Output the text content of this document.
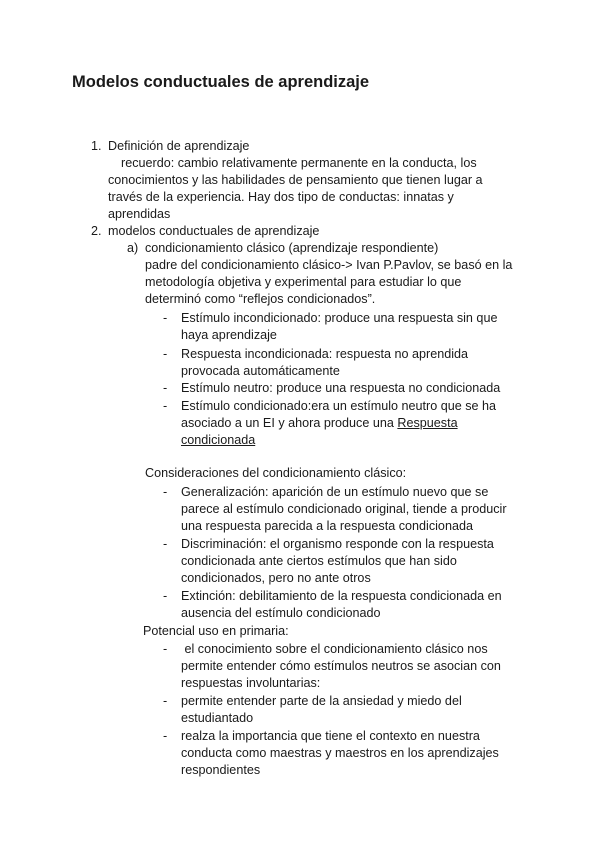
Modelos conductuales de aprendizaje
1. Definición de aprendizaje
recuerdo: cambio relativamente permanente en la conducta, los
conocimientos y las habilidades de pensamiento que tienen lugar a
través de la experiencia. Hay dos tipo de conductas: innatas y
aprendidas
2. modelos conductuales de aprendizaje
a) condicionamiento clásico (aprendizaje respondiente)
padre del condicionamiento clásico-> Ivan P.Pavlov, se basó en la
metodología objetiva y experimental para estudiar lo que
determinó como “reflejos condicionados”.
- Estímulo incondicionado: produce una respuesta sin que
haya aprendizaje
- Respuesta incondicionada: respuesta no aprendida
provocada automáticamente
- Estímulo neutro: produce una respuesta no condicionada
- Estímulo condicionado:era un estímulo neutro que se ha
asociado a un EI y ahora produce una Respuesta
condicionada
Consideraciones del condicionamiento clásico:
- Generalización: aparición de un estímulo nuevo que se
parece al estímulo condicionado original, tiende a producir
una respuesta parecida a la respuesta condicionada
- Discriminación: el organismo responde con la respuesta
condicionada ante ciertos estímulos que han sido
condicionados, pero no ante otros
- Extinción: debilitamiento de la respuesta condicionada en
ausencia del estímulo condicionado
Potencial uso en primaria:
- el conocimiento sobre el condicionamiento clásico nos
permite entender cómo estímulos neutros se asocian con
respuestas involuntarias:
- permite entender parte de la ansiedad y miedo del
estudiantado
- realza la importancia que tiene el contexto en nuestra
conducta como maestras y maestros en los aprendizajes
respondientes
